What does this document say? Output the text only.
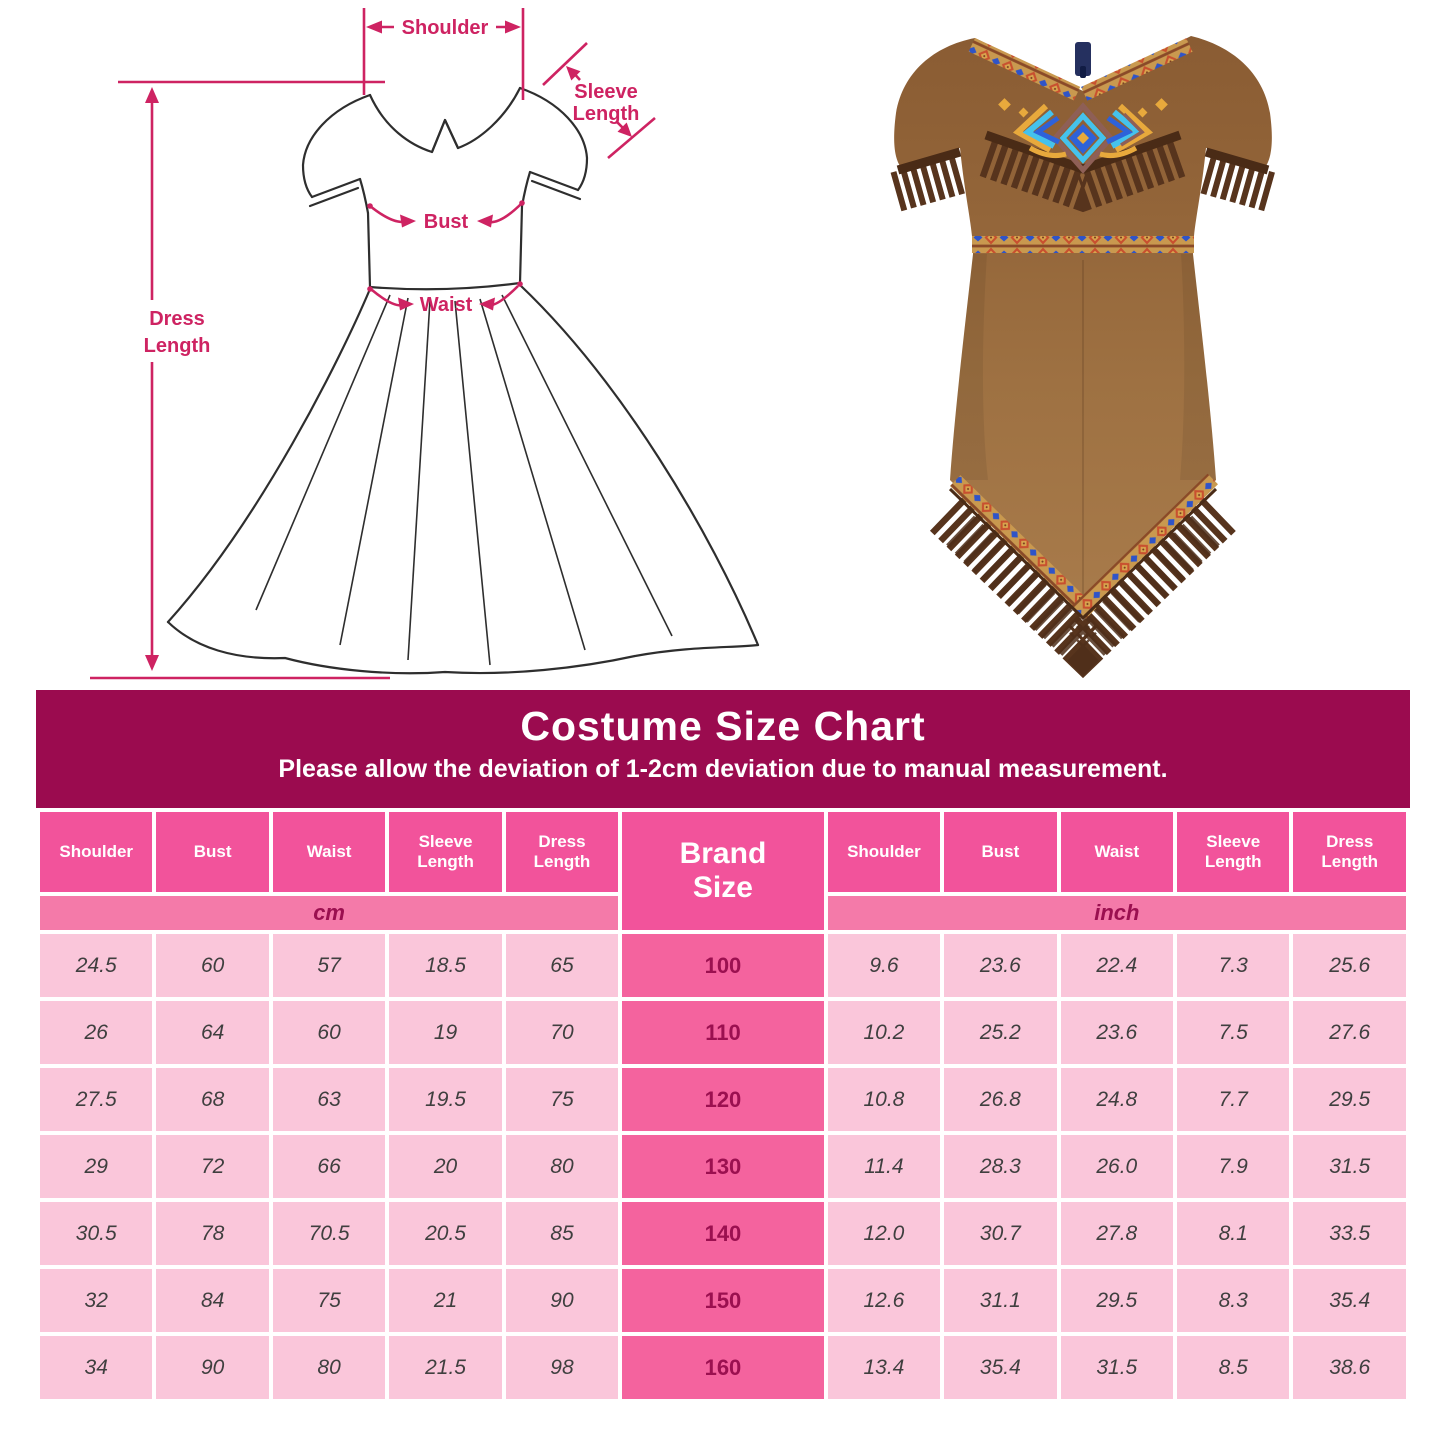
Shoulder
Dress
Length
Sleeve
Length
Bust
Waist
Costume Size Chart

Please allow the deviation of 1-2cm deviation due to manual measurement.

Shoulder	Bust	Waist	Sleeve Length	Dress Length	Brand Size	Shoulder	Bust	Waist	Sleeve Length	Dress Length
cm						inch				
24.5	60	57	18.5	65	100	9.6	23.6	22.4	7.3	25.6
26	64	60	19	70	110	10.2	25.2	23.6	7.5	27.6
27.5	68	63	19.5	75	120	10.8	26.8	24.8	7.7	29.5
29	72	66	20	80	130	11.4	28.3	26.0	7.9	31.5
30.5	78	70.5	20.5	85	140	12.0	30.7	27.8	8.1	33.5
32	84	75	21	90	150	12.6	31.1	29.5	8.3	35.4
34	90	80	21.5	98	160	13.4	35.4	31.5	8.5	38.6
